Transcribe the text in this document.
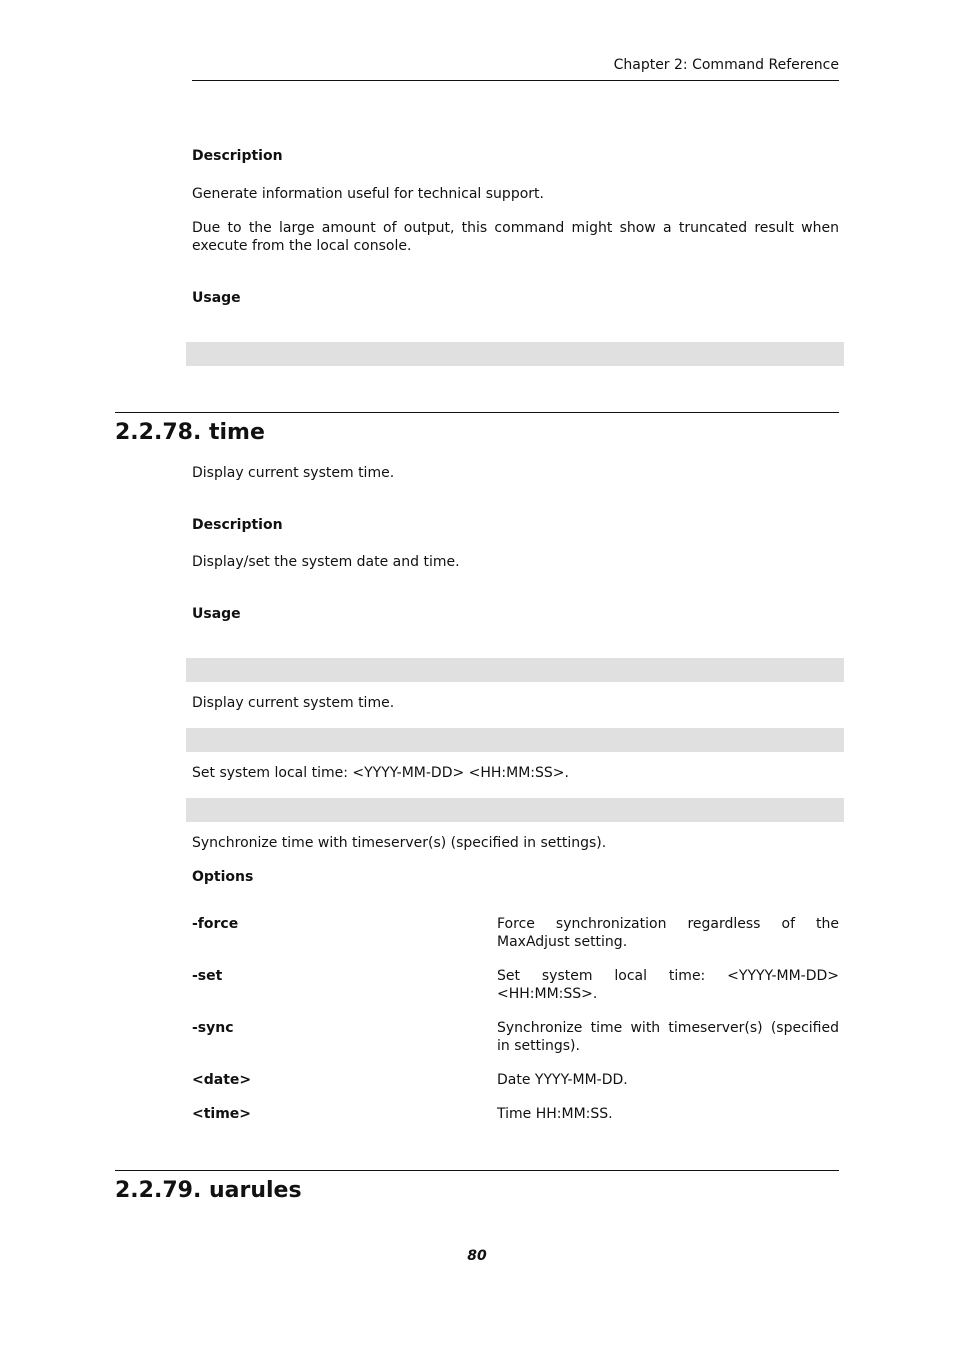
Chapter 2: Command Reference
Description
Generate information useful for technical support.
Due to the large amount of output, this command might show a truncated result when execute from the local console.
Usage
2.2.78. time
Display current system time.
Description
Display/set the system date and time.
Usage
Display current system time.
Set system local time: <YYYY-MM-DD> <HH:MM:SS>.
Synchronize time with timeserver(s) (specified in settings).
Options
-force	Force synchronization regardless of the MaxAdjust setting.
-set	Set system local time: <YYYY-MM-DD> <HH:MM:SS>.
-sync	Synchronize time with timeserver(s) (specified in settings).
<date>	Date YYYY-MM-DD.
<time>	Time HH:MM:SS.
2.2.79. uarules
80
